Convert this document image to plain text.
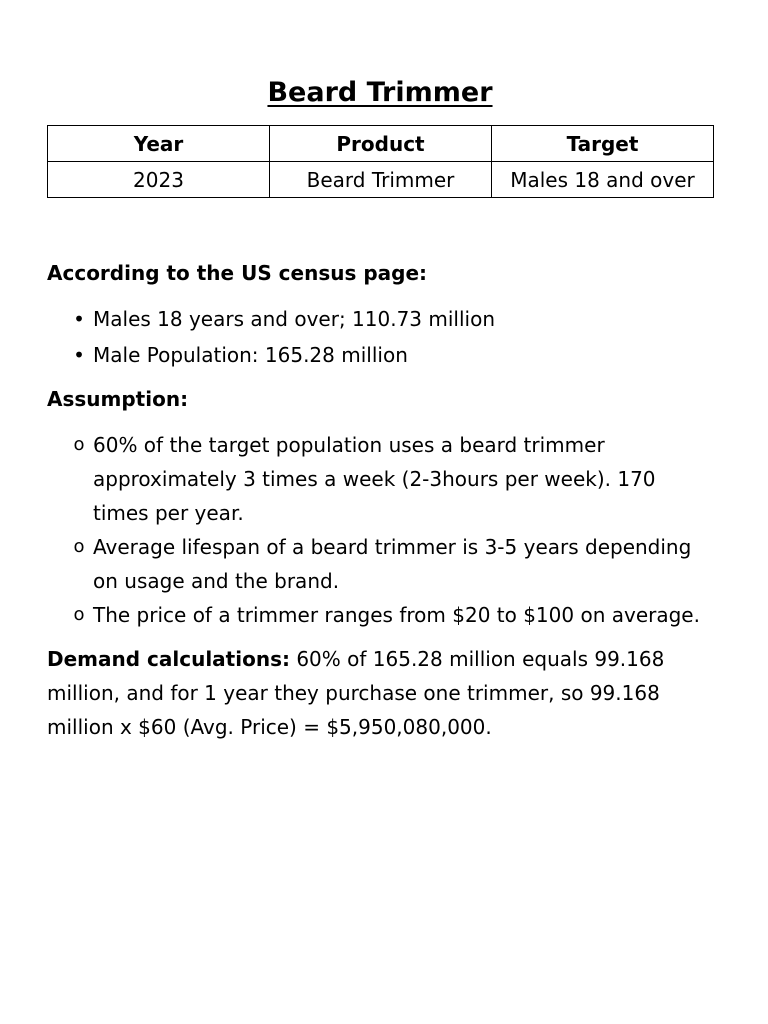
Beard Trimmer
Year	Product	Target
2023	Beard Trimmer	Males 18 and over

According to the US census page:

• Males 18 years and over; 110.73 million
• Male Population: 165.28 million

Assumption:

o 60% of the target population uses a beard trimmer approximately 3 times a week (2-3hours per week). 170 times per year.
o Average lifespan of a beard trimmer is 3-5 years depending on usage and the brand.
o The price of a trimmer ranges from $20 to $100 on average.

Demand calculations: 60% of 165.28 million equals 99.168 million, and for 1 year they purchase one trimmer, so 99.168 million x $60 (Avg. Price) = $5,950,080,000.
